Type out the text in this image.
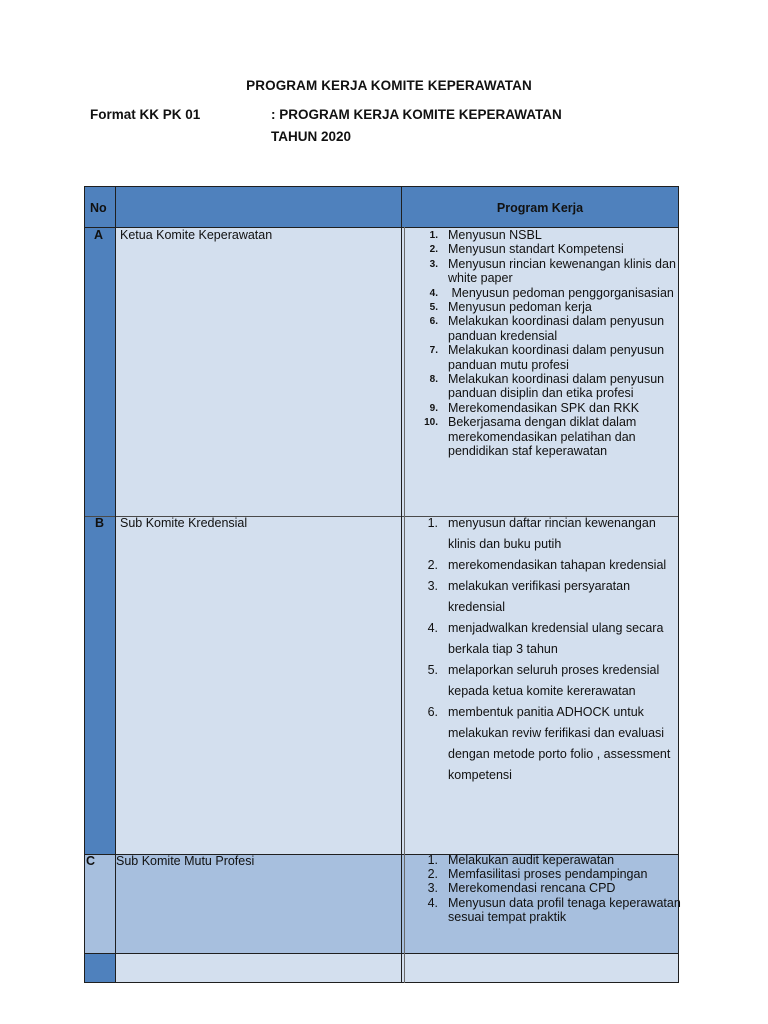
PROGRAM KERJA KOMITE KEPERAWATAN
Format KK PK 01	: PROGRAM KERJA KOMITE KEPERAWATAN
TAHUN 2020
No	Program Kerja
A Ketua Komite Keperawatan	1. Menyusun NSBL
2. Menyusun standart Kompetensi
3. Menyusun rincian kewenangan klinis dan white paper
4. Menyusun pedoman penggorganisasian
5. Menyusun pedoman kerja
6. Melakukan koordinasi dalam penyusun panduan kredensial
7. Melakukan koordinasi dalam penyusun panduan mutu profesi
8. Melakukan koordinasi dalam penyusun panduan disiplin dan etika profesi
9. Merekomendasikan SPK dan RKK
10. Bekerjasama dengan diklat dalam merekomendasikan pelatihan dan pendidikan staf keperawatan
B Sub Komite Kredensial	1. menyusun daftar rincian kewenangan klinis dan buku putih
2. merekomendasikan tahapan kredensial
3. melakukan verifikasi persyaratan kredensial
4. menjadwalkan kredensial ulang secara berkala tiap 3 tahun
5. melaporkan seluruh proses kredensial kepada ketua komite kererawatan
6. membentuk panitia ADHOCK untuk melakukan reviw ferifikasi dan evaluasi dengan metode porto folio , assessment kompetensi
C Sub Komite Mutu Profesi	1. Melakukan audit keperawatan
2. Memfasilitasi proses pendampingan
3. Merekomendasi rencana CPD
4. Menyusun data profil tenaga keperawatan sesuai tempat praktik
